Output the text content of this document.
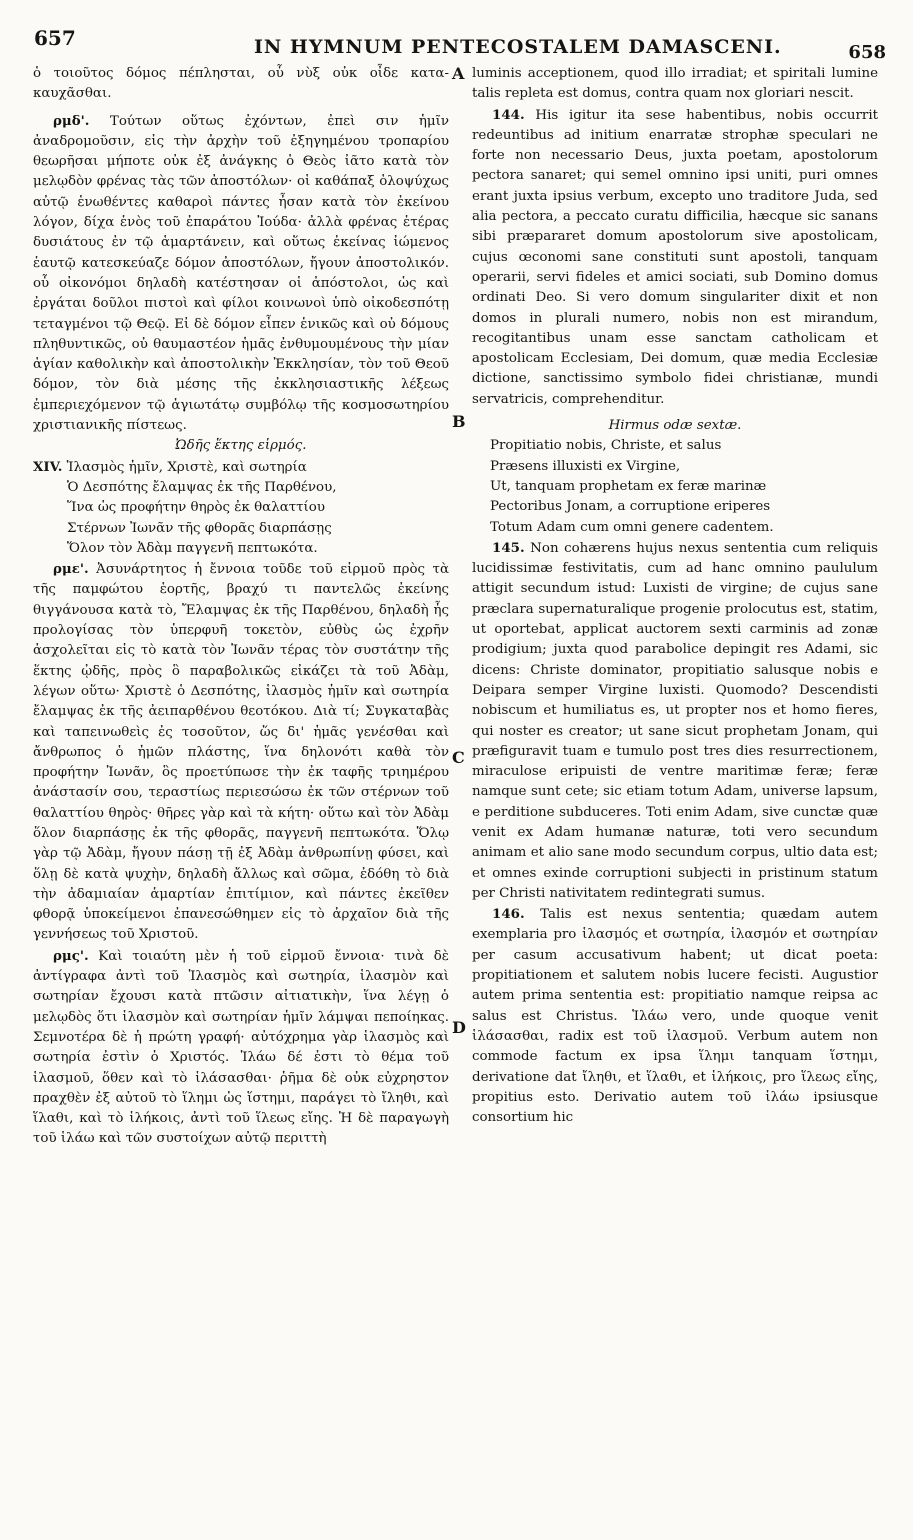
657	IN HYMNUM PENTECOSTALEM DAMASCENI.	658
A
B
C
D

ὁ τοιοῦτος δόμος πέπλησται, οὗ νὺξ οὐκ οἶδε κατα- καυχᾶσθαι.

ρμδ'. Τούτων οὕτως ἐχόντων, ἐπεὶ σιν ἡμῖν ἀναδρομοῦσιν, εἰς τὴν ἀρχὴν τοῦ ἐξηγημένου τροπαρίου θεωρῆσαι μήποτε οὐκ ἐξ ἀνάγκης ὁ Θεὸς ἰᾶτο κατὰ τὸν μελῳδὸν φρένας τὰς τῶν ἀποστόλων· οἱ καθάπαξ ὁλοψύχως αὐτῷ ἑνωθέντες καθαροὶ πάντες ἦσαν κατὰ τὸν ἐκείνου λόγον, δίχα ἑνὸς τοῦ ἐπαράτου Ἰούδα· ἀλλὰ φρένας ἑτέρας δυσιάτους ἐν τῷ ἁμαρτάνειν, καὶ οὕτως ἐκείνας ἰώμενος ἑαυτῷ κατεσκεύαζε δόμον ἀποστόλων, ἤγουν ἀποστολικόν. οὗ οἰκονόμοι δηλαδὴ κατέστησαν οἱ ἀπόστολοι, ὡς καὶ ἐργάται δοῦλοι πιστοὶ καὶ φίλοι κοινωνοὶ ὑπὸ οἰκοδεσπότῃ τεταγμένοι τῷ Θεῷ. Εἰ δὲ δόμον εἶπεν ἑνικῶς καὶ οὐ δόμους πληθυντικῶς, οὐ θαυμαστέον ἡμᾶς ἐνθυμουμένους τὴν μίαν ἁγίαν καθολικὴν καὶ ἀποστολικὴν Ἐκκλησίαν, τὸν τοῦ Θεοῦ δόμον, τὸν διὰ μέσης τῆς ἐκκλησιαστικῆς λέξεως ἐμπεριεχόμενον τῷ ἁγιωτάτῳ συμβόλῳ τῆς κοσμοσωτηρίου χριστιανικῆς πίστεως.

Ὠδῆς ἕκτης εἱρμός.

XIV. Ἱλασμὸς ἡμῖν, Χριστὲ, καὶ σωτηρία

Ὁ Δεσπότης ἔλαμψας ἐκ τῆς Παρθένου,

Ἵνα ὡς προφήτην θηρὸς ἐκ θαλαττίου

Στέρνων Ἰωνᾶν τῆς φθορᾶς διαρπάσῃς

Ὅλον τὸν Ἀδὰμ παγγενῆ πεπτωκότα.

ρμε'. Ἀσυνάρτητος ἡ ἔννοια τοῦδε τοῦ εἱρμοῦ πρὸς τὰ τῆς παμφώτου ἑορτῆς, βραχύ τι παντελῶς ἐκείνης θιγγάνουσα κατὰ τὸ, Ἔλαμψας ἐκ τῆς Παρθένου, δηλαδὴ ἧς προλογίσας τὸν ὑπερφυῆ τοκετὸν, εὐθὺς ὡς ἐχρῆν ἀσχολεῖται εἰς τὸ κατὰ τὸν Ἰωνᾶν τέρας τὸν συστάτην τῆς ἕκτης ᾠδῆς, πρὸς ὃ παραβολικῶς εἰκάζει τὰ τοῦ Ἀδὰμ, λέγων οὕτω· Χριστὲ ὁ Δεσπότης, ἱλασμὸς ἡμῖν καὶ σωτηρία ἔλαμψας ἐκ τῆς ἀειπαρθένου θεοτόκου. Διὰ τί; Συγκαταβὰς καὶ ταπεινωθεὶς ἐς τοσοῦτον, ὥς δι' ἡμᾶς γενέσθαι καὶ ἄνθρωπος ὁ ἡμῶν πλάστης, ἵνα δηλονότι καθὰ τὸν προφήτην Ἰωνᾶν, ὃς προετύπωσε τὴν ἐκ ταφῆς τριημέρου ἀνάστασίν σου, τεραστίως περιεσώσω ἐκ τῶν στέρνων τοῦ θαλαττίου θηρὸς· θῆρες γὰρ καὶ τὰ κήτη· οὕτω καὶ τὸν Ἀδὰμ ὅλον διαρπάσῃς ἐκ τῆς φθορᾶς, παγγενῆ πεπτωκότα. Ὅλῳ γὰρ τῷ Ἀδὰμ, ἤγουν πάσῃ τῇ ἐξ Ἀδὰμ ἀνθρωπίνῃ φύσει, καὶ ὅλῃ δὲ κατὰ ψυχὴν, δηλαδὴ ἄλλως καὶ σῶμα, ἐδόθη τὸ διὰ τὴν ἀδαμιαίαν ἁμαρτίαν ἐπιτίμιον, καὶ πάντες ἐκεῖθεν φθορᾷ ὑποκείμενοι ἐπανεσώθημεν εἰς τὸ ἀρχαῖον διὰ τῆς γεννήσεως τοῦ Χριστοῦ.

ρμς'. Καὶ τοιαύτη μὲν ἡ τοῦ εἱρμοῦ ἔννοια· τινὰ δὲ ἀντίγραφα ἀντὶ τοῦ Ἱλασμὸς καὶ σωτηρία, ἱλασμὸν καὶ σωτηρίαν ἔχουσι κατὰ πτῶσιν αἰτιατικὴν, ἵνα λέγῃ ὁ μελῳδὸς ὅτι ἱλασμὸν καὶ σωτηρίαν ἡμῖν λάμψαι πεποίηκας. Σεμνοτέρα δὲ ἡ πρώτη γραφή· αὐτόχρημα γὰρ ἱλασμὸς καὶ σωτηρία ἐστὶν ὁ Χριστός. Ἱλάω δέ ἐστι τὸ θέμα τοῦ ἱλασμοῦ, ὅθεν καὶ τὸ ἱλάσασθαι· ῥῆμα δὲ οὐκ εὐχρηστον πραχθὲν ἐξ αὐτοῦ τὸ ἵλημι ὡς ἵστημι, παράγει τὸ ἴληθι, καὶ ἵλαθι, καὶ τὸ ἱλήκοις, ἀντὶ τοῦ ἵλεως εἴης. Ἡ δὲ παραγωγὴ τοῦ ἱλάω καὶ τῶν συστοίχων αὐτῷ περιττὴ

luminis acceptionem, quod illo irradiat; et spiritali lumine talis repleta est domus, contra quam nox gloriari nescit.

144. His igitur ita sese habentibus, nobis occurrit redeuntibus ad initium enarratæ strophæ speculari ne forte non necessario Deus, juxta poetam, apostolorum pectora sanaret; qui semel omnino ipsi uniti, puri omnes erant juxta ipsius verbum, excepto uno traditore Juda, sed alia pectora, a peccato curatu difficilia, hæcque sic sanans sibi præpararet domum apostolorum sive apostolicam, cujus œconomi sane constituti sunt apostoli, tanquam operarii, servi fideles et amici sociati, sub Domino domus ordinati Deo. Si vero domum singulariter dixit et non domos in plurali numero, nobis non est mirandum, recogitantibus unam esse sanctam catholicam et apostolicam Ecclesiam, Dei domum, quæ media Ecclesiæ dictione, sanctissimo symbolo fidei christianæ, mundi servatricis, comprehenditur.

Hirmus odæ sextæ.

Propitiatio nobis, Christe, et salus

Præsens illuxisti ex Virgine,

Ut, tanquam prophetam ex feræ marinæ

Pectoribus Jonam, a corruptione eriperes

Totum Adam cum omni genere cadentem.

145. Non cohærens hujus nexus sententia cum reliquis lucidissimæ festivitatis, cum ad hanc omnino paululum attigit secundum istud: Luxisti de virgine; de cujus sane præclara supernaturalique progenie prolocutus est, statim, ut oportebat, applicat auctorem sexti carminis ad zonæ prodigium; juxta quod parabolice depingit res Adami, sic dicens: Christe dominator, propitiatio salusque nobis e Deipara semper Virgine luxisti. Quomodo? Descendisti nobiscum et humiliatus es, ut propter nos et homo fieres, qui noster es creator; ut sane sicut prophetam Jonam, qui præfiguravit tuam e tumulo post tres dies resurrectionem, miraculose eripuisti de ventre maritimæ feræ; feræ namque sunt cete; sic etiam totum Adam, universe lapsum, e perditione subduceres. Toti enim Adam, sive cunctæ quæ venit ex Adam humanæ naturæ, toti vero secundum animam et alio sane modo secundum corpus, ultio data est; et omnes exinde corruptioni subjecti in pristinum statum per Christi nativitatem redintegrati sumus.

146. Talis est nexus sententia; quædam autem exemplaria pro ἱλασμός et σωτηρία, ἱλασμόν et σωτηρίαν per casum accusativum habent; ut dicat poeta: propitiationem et salutem nobis lucere fecisti. Augustior autem prima sententia est: propitiatio namque reipsa ac salus est Christus. Ἱλάω vero, unde quoque venit ἱλάσασθαι, radix est τοῦ ἱλασμοῦ. Verbum autem non commode factum ex ipsa ἵλημι tanquam ἵστημι, derivatione dat ἴληθι, et ἵλαθι, et ἱλήκοις, pro ἵλεως εἴης, propitius esto. Derivatio autem τοῦ ἱλάω ipsiusque consortium hic
